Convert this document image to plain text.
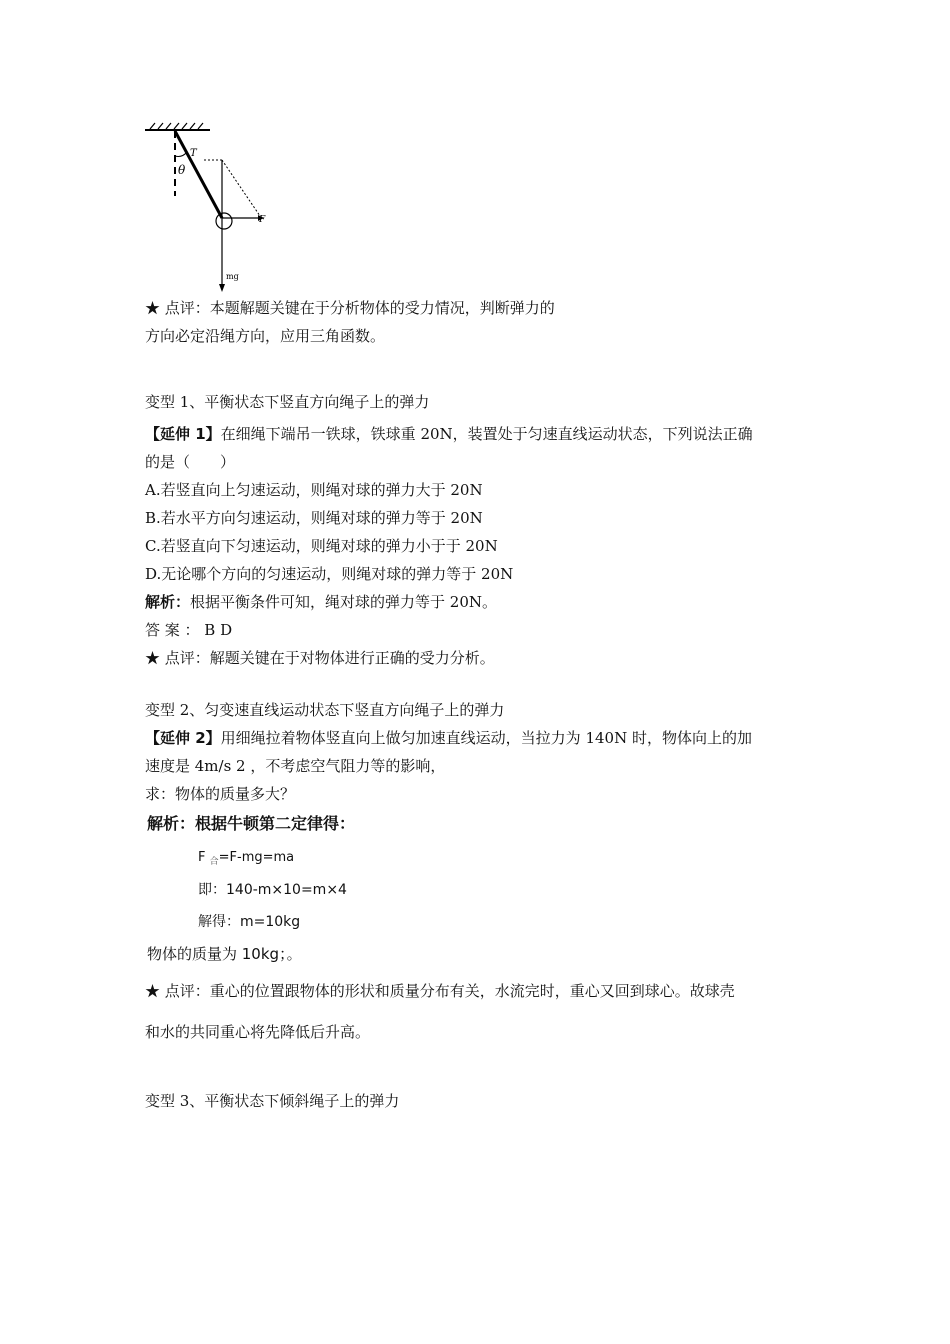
T
θ
F
mg
★ 点评：本题解题关键在于分析物体的受力情况，判断弹力的
方向必定沿绳方向，应用三角函数。
变型 1、平衡状态下竖直方向绳子上的弹力
【延伸 1】在细绳下端吊一铁球，铁球重 20N，装置处于匀速直线运动状态，下列说法正确
的是（　　）
A.若竖直向上匀速运动，则绳对球的弹力大于 20N
B.若水平方向匀速运动，则绳对球的弹力等于 20N
C.若竖直向下匀速运动，则绳对球的弹力小于于 20N
D.无论哪个方向的匀速运动，则绳对球的弹力等于 20N
解析：根据平衡条件可知，绳对球的弹力等于 20N。
答 案 ： B D
★ 点评：解题关键在于对物体进行正确的受力分析。
变型 2、匀变速直线运动状态下竖直方向绳子上的弹力
【延伸 2】用细绳拉着物体竖直向上做匀加速直线运动，当拉力为 140N 时，物体向上的加
速度是 4m/s 2 ，不考虑空气阻力等的影响，
求：物体的质量多大？
解析：根据牛顿第二定律得：
F $_合$=F-mg=ma
即：140-m×10=m×4
解得：m=10kg
物体的质量为 10kg；。
★ 点评：重心的位置跟物体的形状和质量分布有关，水流完时，重心又回到球心。故球壳
和水的共同重心将先降低后升高。
变型 3、平衡状态下倾斜绳子上的弹力
